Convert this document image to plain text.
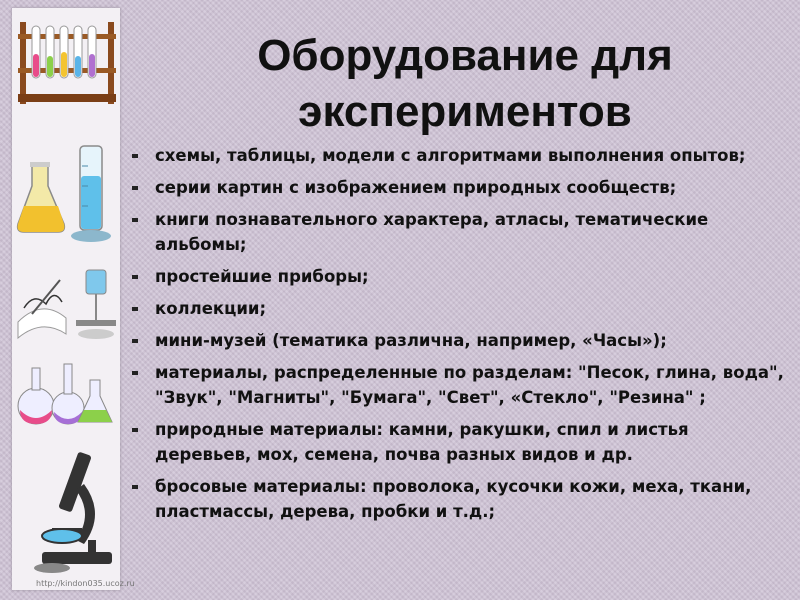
http://kindon035.ucoz.ru
Оборудование для экспериментов
схемы, таблицы, модели с алгоритмами выполнения опытов;
серии картин с изображением природных сообществ;
книги познавательного характера, атласы, тематические альбомы;
простейшие приборы;
коллекции;
мини-музей (тематика различна, например, «Часы»);
материалы, распределенные по разделам: "Песок, глина, вода", "Звук", "Магниты", "Бумага", "Свет", «Стекло", "Резина" ;
природные материалы: камни, ракушки, спил и листья деревьев, мох, семена, почва разных видов и др.
бросовые материалы: проволока, кусочки кожи, меха, ткани, пластмассы, дерева, пробки и т.д.;
